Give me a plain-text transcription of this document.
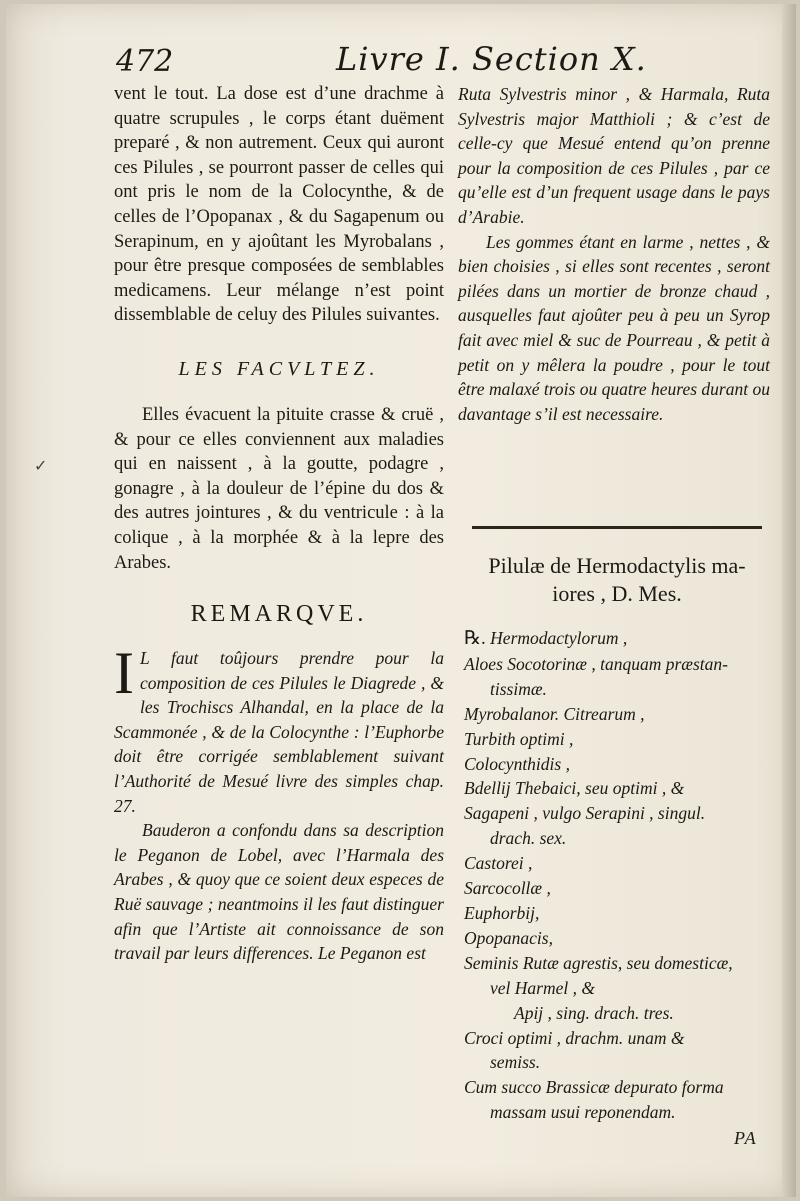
472	Livre I. Section X.

vent le tout. La dose est d’une drachme à quatre scrupules , le corps étant duëment preparé , & non autrement. Ceux qui auront ces Pilules , se pourront passer de celles qui ont pris le nom de la Colocynthe, & de celles de l’Opopanax , & du Sagapenum ou Serapinum, en y ajoûtant les Myrobalans , pour être presque composées de semblables medicamens. Leur mélange n’est point dissemblable de celuy des Pilules suivantes.

LES FACVLTEZ.

Elles évacuent la pituite crasse & cruë , & pour ce elles conviennent aux maladies qui en naissent , à la goutte, podagre , gonagre , à la douleur de l’épine du dos & des autres jointures , & du ventricule : à la colique , à la morphée & à la lepre des Arabes.

REMARQVE.
I L faut toûjours prendre pour la composition de ces Pilules le Diagrede , & les Trochiscs Alhandal, en la place de la Scammonée , & de la Colocynthe : l’Euphorbe doit être corrigée semblablement suivant l’Authorité de Mesué livre des simples chap. 27.

Bauderon a confondu dans sa description le Peganon de Lobel, avec l’Harmala des Arabes , & quoy que ce soient deux especes de Ruë sauvage ; neantmoins il les faut distinguer afin que l’Artiste ait connoissance de son travail par leurs differences. Le Peganon est

Ruta Sylvestris minor , & Harmala, Ruta Sylvestris major Matthioli ; & c’est de celle-cy que Mesué entend qu’on prenne pour la composition de ces Pilules , par ce qu’elle est d’un frequent usage dans le pays d’Arabie.

Les gommes étant en larme , nettes , & bien choisies , si elles sont recentes , seront pilées dans un mortier de bronze chaud , ausquelles faut ajoûter peu à peu un Syrop fait avec miel & suc de Pourreau , & petit à petit on y mêlera la poudre , pour le tout être malaxé trois ou quatre heures durant ou davantage s’il est necessaire.

Pilulæ de Hermodactylis ma-
iores , D. Mes.

℞. Hermodactylorum ,

Aloes Socotorinæ , tanquam præstan-

tissimæ.

Myrobalanor. Citrearum ,

Turbith optimi ,

Colocynthidis ,

Bdellij Thebaici, seu optimi , &

Sagapeni , vulgo Serapini , singul.

drach. sex.

Castorei ,

Sarcocollæ ,

Euphorbij,

Opopanacis,

Seminis Rutæ agrestis, seu domesticæ,

vel Harmel , &

Apij , sing. drach. tres.

Croci optimi , drachm. unam &

semiss.

Cum succo Brassicæ depurato forma

massam usui reponendam.

PA
✓
